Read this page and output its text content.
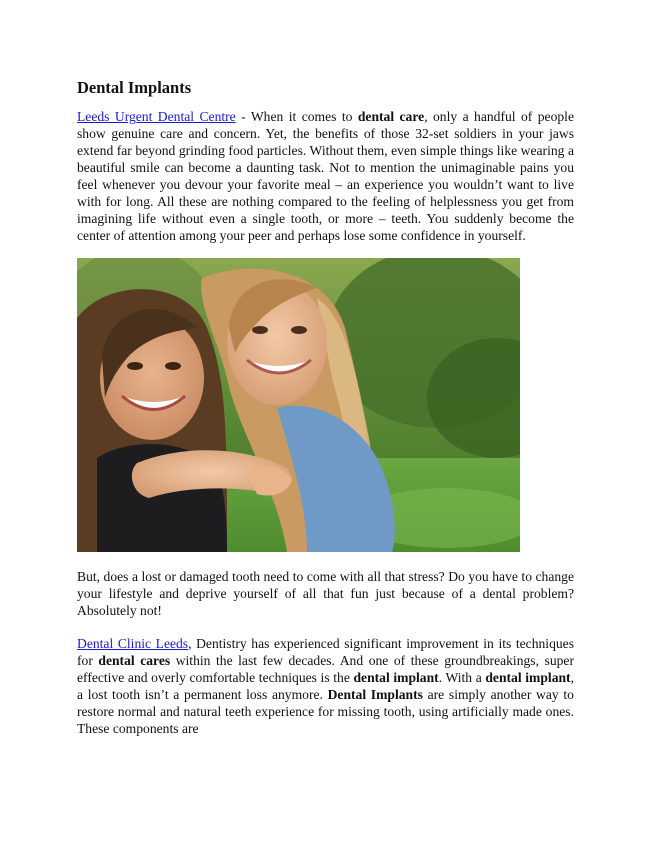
Dental Implants

Leeds Urgent Dental Centre - When it comes to dental care, only a handful of people show genuine care and concern. Yet, the benefits of those 32-set soldiers in your jaws extend far beyond grinding food particles. Without them, even simple things like wearing a beautiful smile can become a daunting task. Not to mention the unimaginable pains you feel whenever you devour your favorite meal – an experience you wouldn’t want to live with for long. All these are nothing compared to the feeling of helplessness you get from imagining life without even a single tooth, or more – teeth. You suddenly become the center of attention among your peer and perhaps lose some confidence in yourself.

But, does a lost or damaged tooth need to come with all that stress? Do you have to change your lifestyle and deprive yourself of all that fun just because of a dental problem? Absolutely not!

Dental Clinic Leeds, Dentistry has experienced significant improvement in its techniques for dental cares within the last few decades. And one of these groundbreakings, super effective and overly comfortable techniques is the dental implant. With a dental implant, a lost tooth isn’t a permanent loss anymore. Dental Implants are simply another way to restore normal and natural teeth experience for missing tooth, using artificially made ones. These components are
